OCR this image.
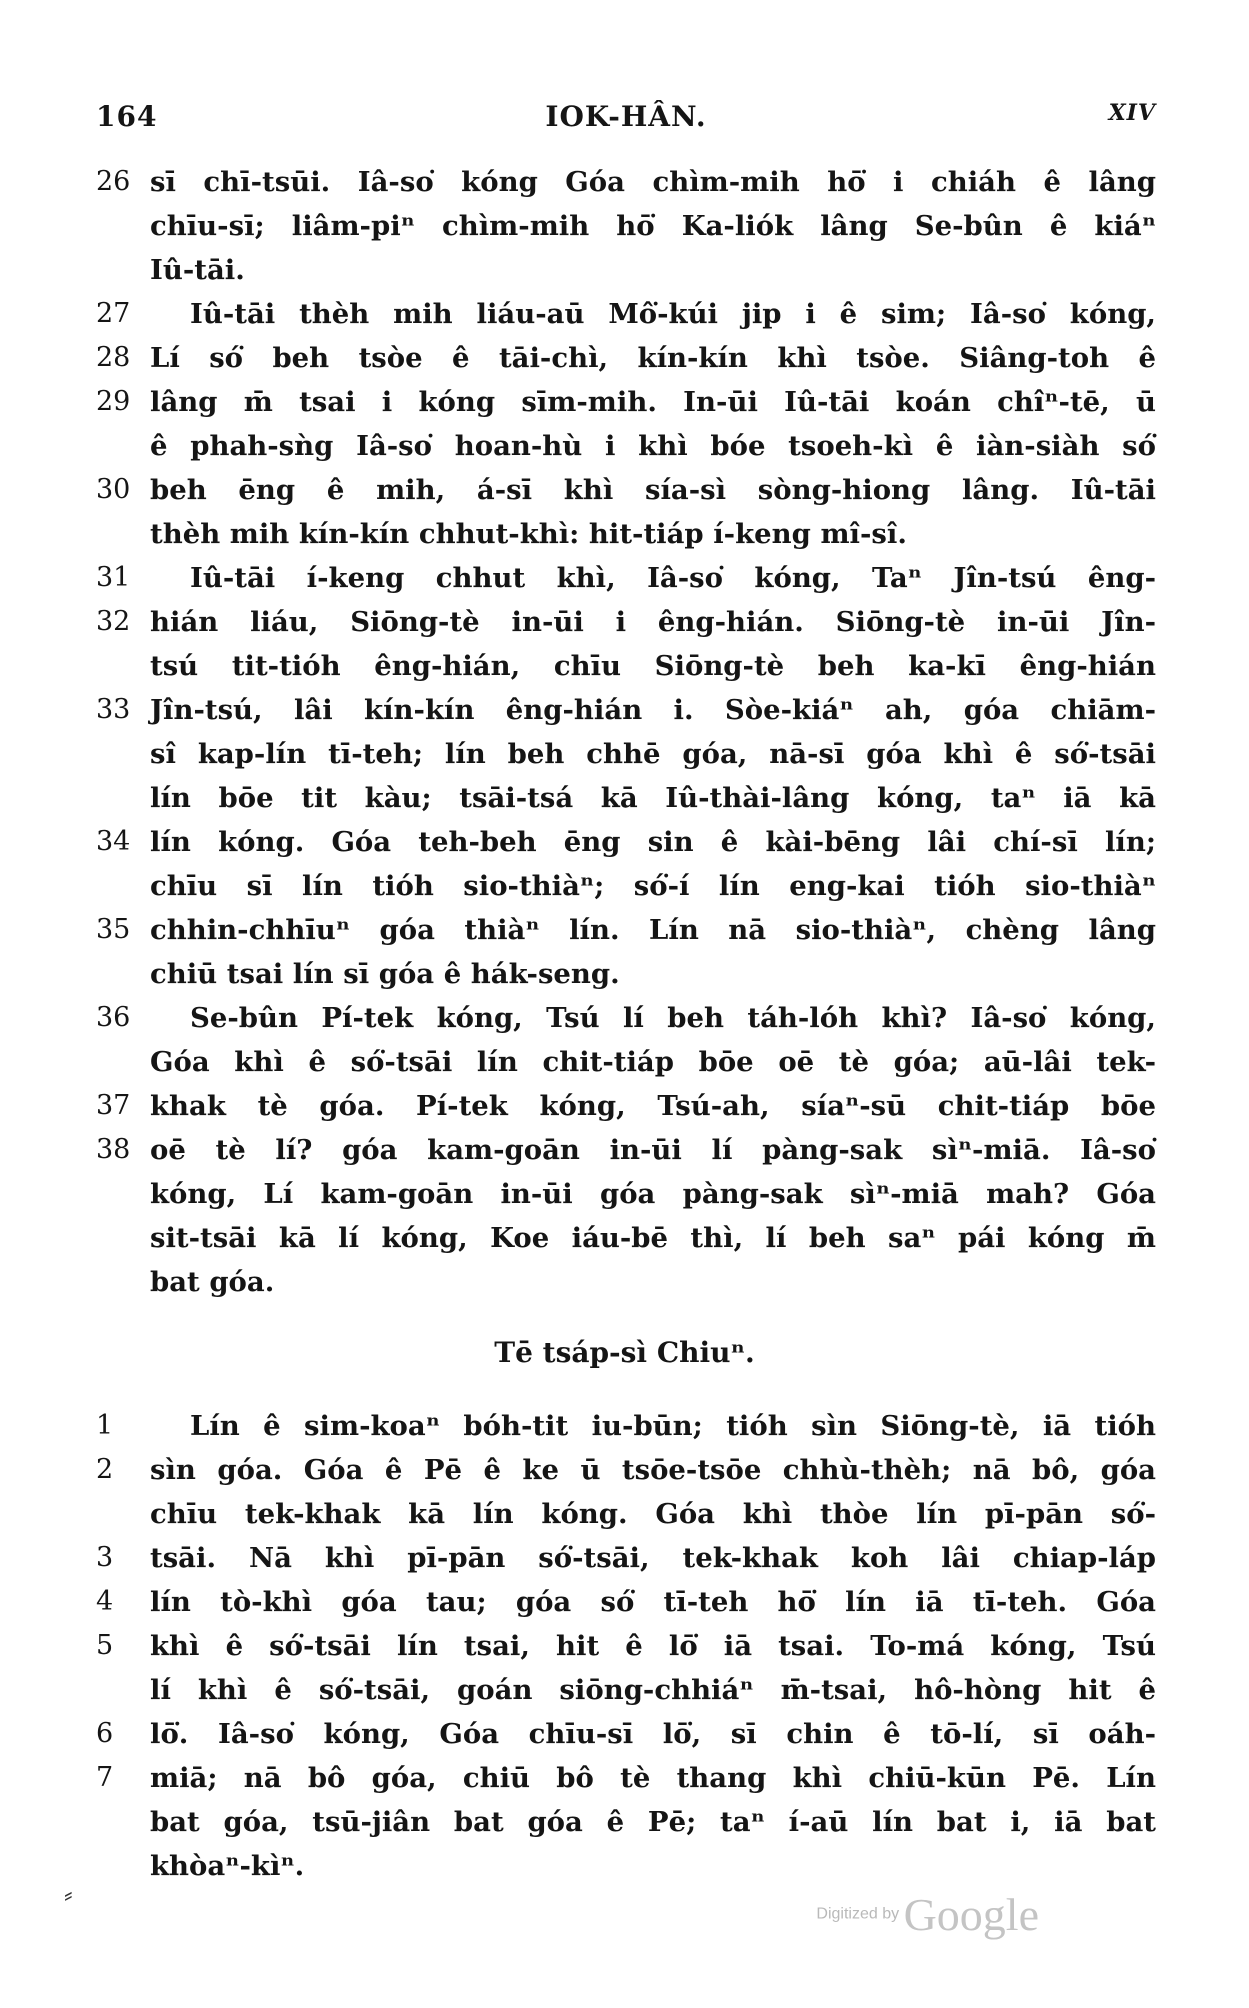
164	IOK-HÂN.	XIV
26 sī chī-tsūi. Iâ-so͘ kóng Góa chìm-mih hō͘ i chiáh ê lâng
chīu-sī; liâm-piⁿ chìm-mih hō͘ Ka-liók lâng Se-bûn ê kiáⁿ
Iû-tāi.
27 Iû-tāi thèh mih liáu-aū Mô͘-kúi jip i ê sim; Iâ-so͘ kóng,
28 Lí só͘ beh tsòe ê tāi-chì, kín-kín khì tsòe. Siâng-toh ê
29 lâng m̄ tsai i kóng sīm-mih. In-ūi Iû-tāi koán chîⁿ-tē, ū
ê phah-sǹg Iâ-so͘ hoan-hù i khì bóe tsoeh-kì ê iàn-siàh só͘
30 beh ēng ê mih, á-sī khì sía-sì sòng-hiong lâng. Iû-tāi
thèh mih kín-kín chhut-khì: hit-tiáp í-keng mî-sî.
31 Iû-tāi í-keng chhut khì, Iâ-so͘ kóng, Taⁿ Jîn-tsú êng-
32 hián liáu, Siōng-tè in-ūi i êng-hián. Siōng-tè in-ūi Jîn-
tsú tit-tióh êng-hián, chīu Siōng-tè beh ka-kī êng-hián
33 Jîn-tsú, lâi kín-kín êng-hián i. Sòe-kiáⁿ ah, góa chiām-
sî kap-lín tī-teh; lín beh chhē góa, nā-sī góa khì ê só͘-tsāi
lín bōe tit kàu; tsāi-tsá kā Iû-thài-lâng kóng, taⁿ iā kā
34 lín kóng. Góa teh-beh ēng sin ê kài-bēng lâi chí-sī lín;
chīu sī lín tióh sio-thiàⁿ; só͘-í lín eng-kai tióh sio-thiàⁿ
35 chhin-chhīuⁿ góa thiàⁿ lín. Lín nā sio-thiàⁿ, chèng lâng
chiū tsai lín sī góa ê hák-seng.
36 Se-bûn Pí-tek kóng, Tsú lí beh táh-lóh khì? Iâ-so͘ kóng,
Góa khì ê só͘-tsāi lín chit-tiáp bōe oē tè góa; aū-lâi tek-
37 khak tè góa. Pí-tek kóng, Tsú-ah, síaⁿ-sū chit-tiáp bōe
38 oē tè lí? góa kam-goān in-ūi lí pàng-sak sìⁿ-miā. Iâ-so͘
kóng, Lí kam-goān in-ūi góa pàng-sak sìⁿ-miā mah? Góa
sit-tsāi kā lí kóng, Koe iáu-bē thì, lí beh saⁿ pái kóng m̄
bat góa.
1	Lín ê sim-koaⁿ bóh-tit iu-būn; tióh sìn Siōng-tè, iā tióh
2	sìn góa. Góa ê Pē ê ke ū tsōe-tsōe chhù-thèh; nā bô, góa
chīu tek-khak kā lín kóng. Góa khì thòe lín pī-pān só͘-
3	tsāi. Nā khì pī-pān só͘-tsāi, tek-khak koh lâi chiap-láp
4	lín tò-khì góa tau; góa só͘ tī-teh hō͘ lín iā tī-teh. Góa
5	khì ê só͘-tsāi lín tsai, hit ê lō͘ iā tsai. To-má kóng, Tsú
lí khì ê só͘-tsāi, goán siōng-chhiáⁿ m̄-tsai, hô-hòng hit ê
6	lō͘. Iâ-so͘ kóng, Góa chīu-sī lō͘, sī chin ê tō-lí, sī oáh-
7	miā; nā bô góa, chiū bô tè thang khì chiū-kūn Pē. Lín
bat góa, tsū-jiân bat góa ê Pē; taⁿ í-aū lín bat i, iā bat
khòaⁿ-kìⁿ.
Tē tsáp-sì Chiuⁿ.
⸗
Digitized by Google
